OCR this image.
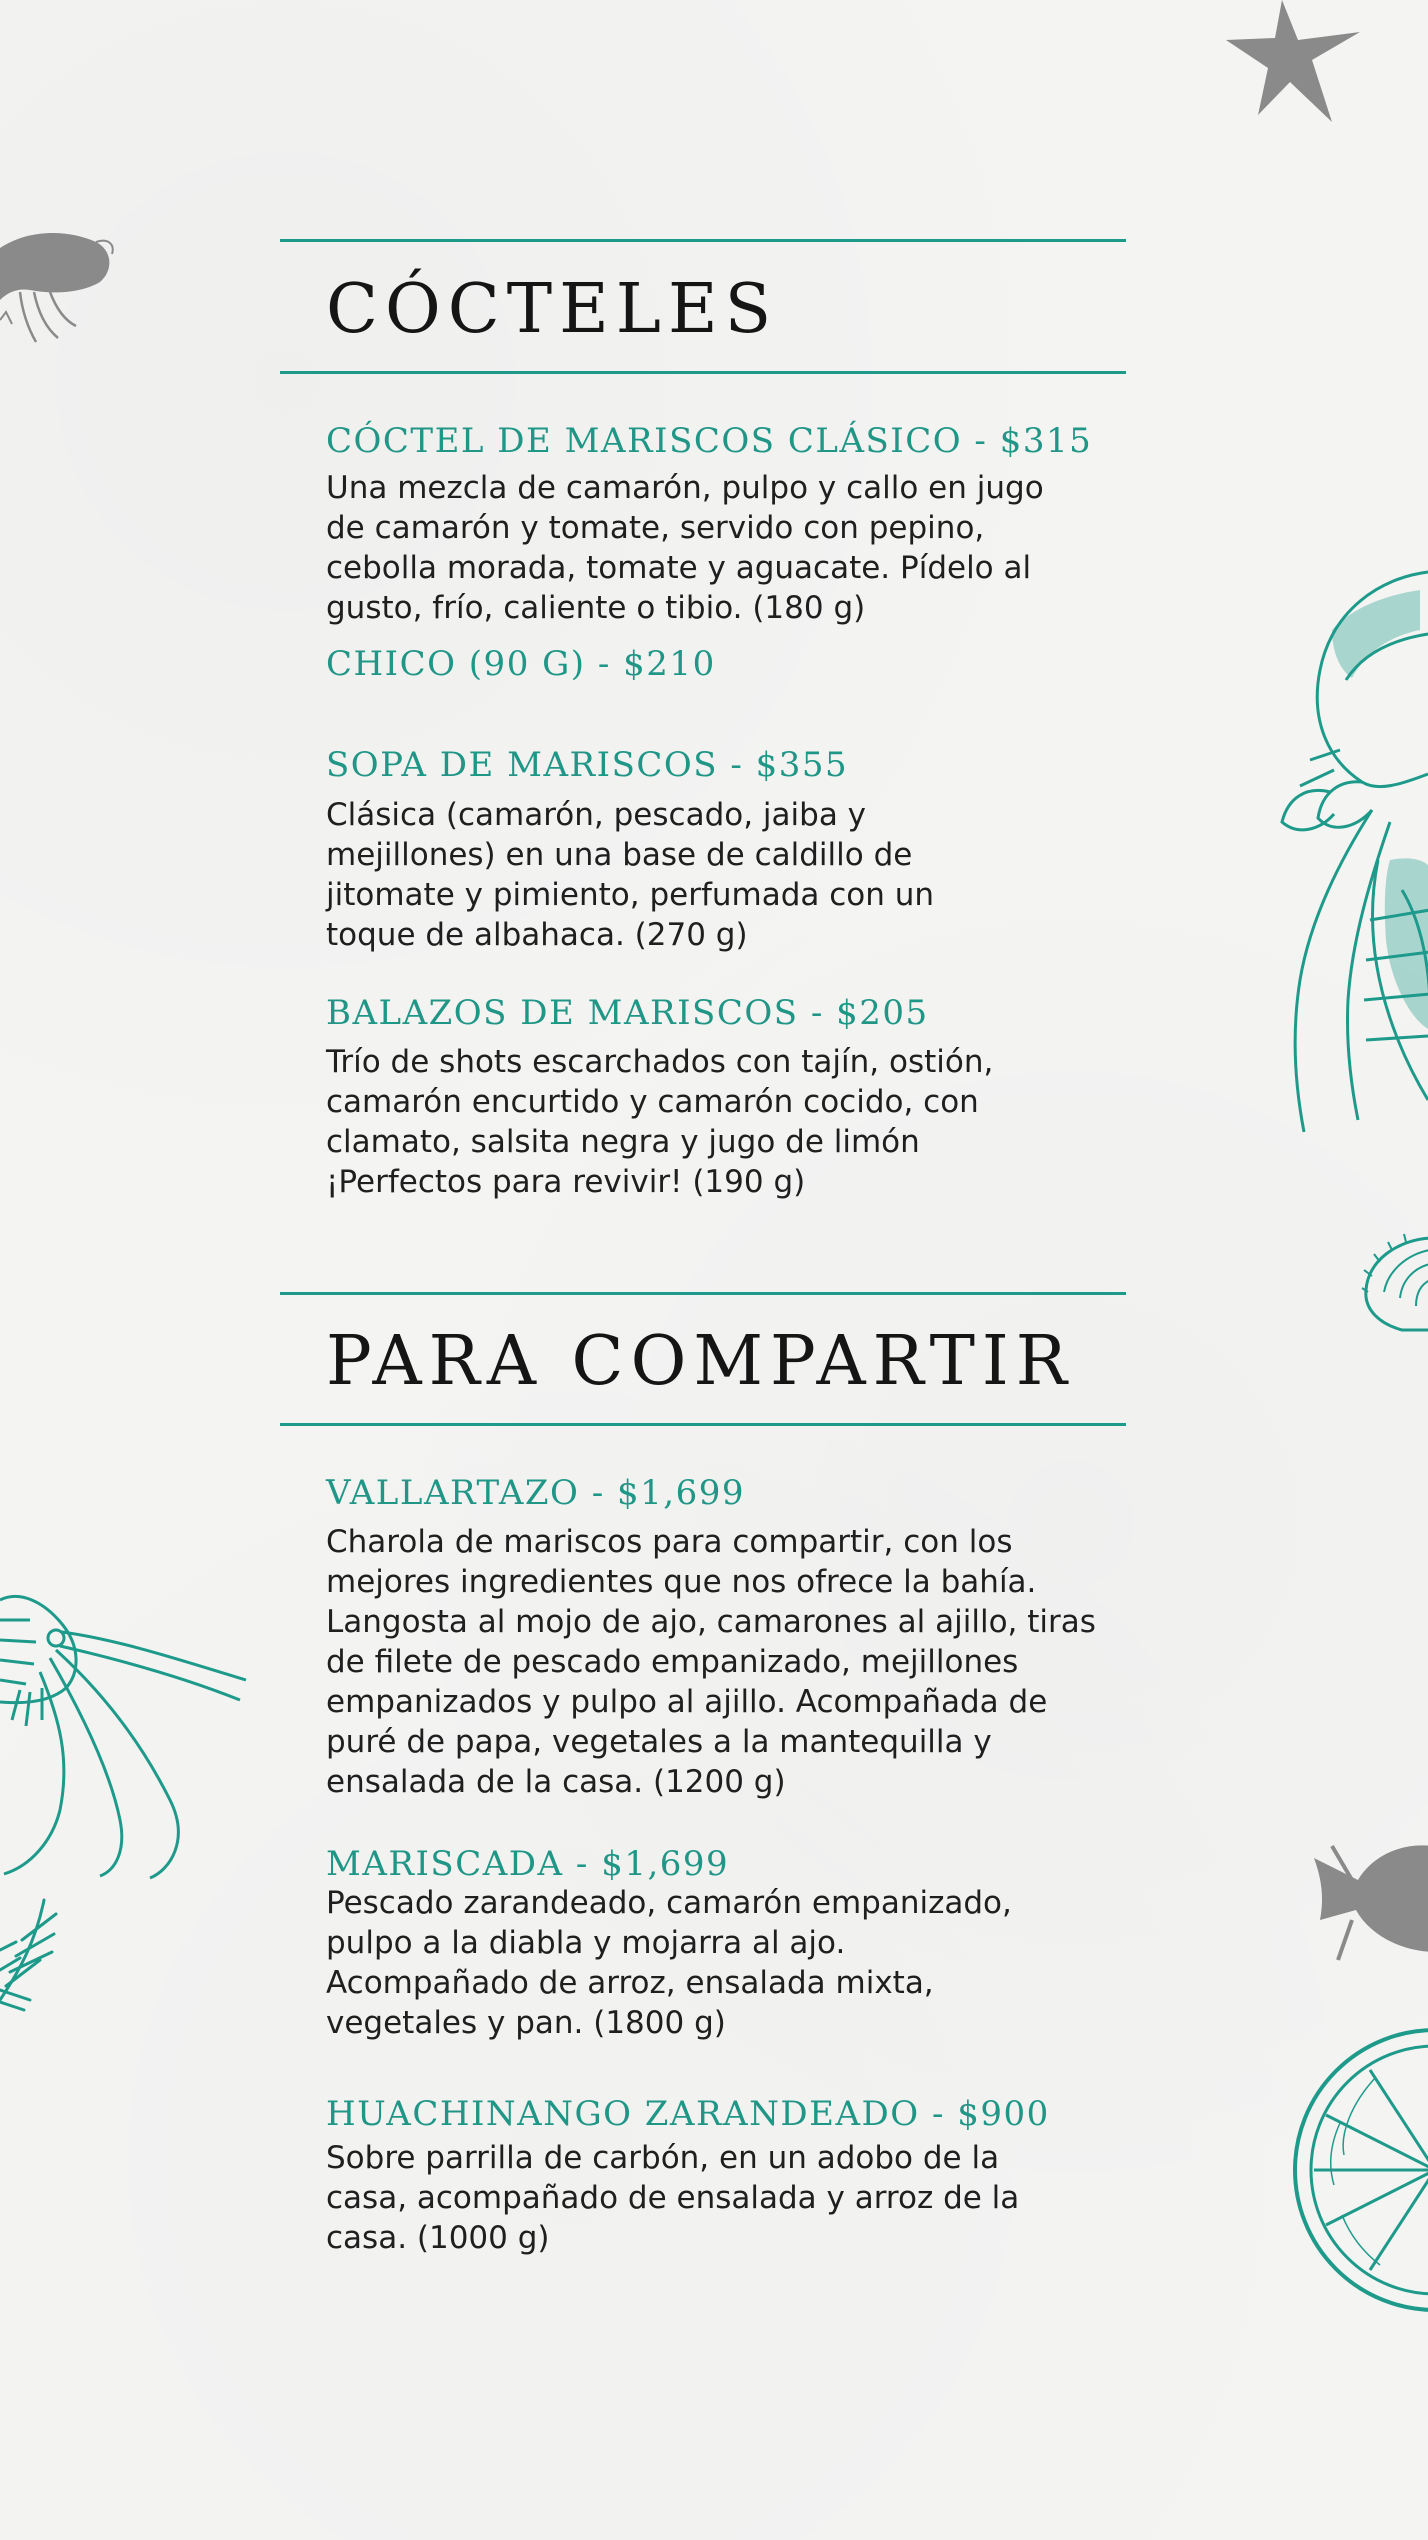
CÓCTELES
CÓCTEL DE MARISCOS CLÁSICO - $315

Una mezcla de camarón, pulpo y callo en jugo de camarón y tomate, servido con pepino, cebolla morada, tomate y aguacate. Pídelo al gusto, frío, caliente o tibio. (180 g)

CHICO (90 G) - $210
SOPA DE MARISCOS - $355

Clásica (camarón, pescado, jaiba y mejillones) en una base de caldillo de jitomate y pimiento, perfumada con un toque de albahaca. (270 g)

BALAZOS DE MARISCOS - $205

Trío de shots escarchados con tajín, ostión, camarón encurtido y camarón cocido, con clamato, salsita negra y jugo de limón ¡Perfectos para revivir! (190 g)

PARA COMPARTIR
VALLARTAZO - $1,699

Charola de mariscos para compartir, con los mejores ingredientes que nos ofrece la bahía. Langosta al mojo de ajo, camarones al ajillo, tiras de filete de pescado empanizado, mejillones empanizados y pulpo al ajillo. Acompañada de puré de papa, vegetales a la mantequilla y ensalada de la casa. (1200 g)

MARISCADA - $1,699

Pescado zarandeado, camarón empanizado, pulpo a la diabla y mojarra al ajo. Acompañado de arroz, ensalada mixta, vegetales y pan. (1800 g)

HUACHINANGO ZARANDEADO - $900

Sobre parrilla de carbón, en un adobo de la casa, acompañado de ensalada y arroz de la casa. (1000 g)
